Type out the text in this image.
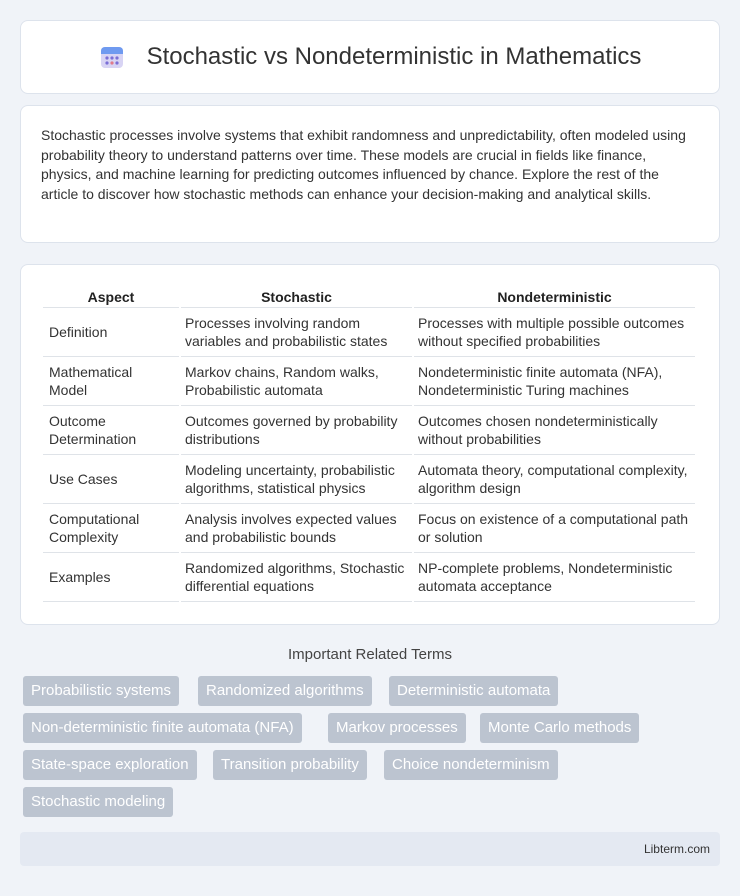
Stochastic vs Nondeterministic in Mathematics

Stochastic processes involve systems that exhibit randomness and unpredictability, often modeled using probability theory to understand patterns over time. These models are crucial in fields like finance, physics, and machine learning for predicting outcomes influenced by chance. Explore the rest of the article to discover how stochastic methods can enhance your decision-making and analytical skills.

Aspect	Stochastic	Nondeterministic
Definition	Processes involving random variables and probabilistic states	Processes with multiple possible outcomes without specified probabilities
Mathematical Model	Markov chains, Random walks, Probabilistic automata	Nondeterministic finite automata (NFA), Nondeterministic Turing machines
Outcome Determination	Outcomes governed by probability distributions	Outcomes chosen nondeterministically without probabilities
Use Cases	Modeling uncertainty, probabilistic algorithms, statistical physics	Automata theory, computational complexity, algorithm design
Computational Complexity	Analysis involves expected values and probabilistic bounds	Focus on existence of a computational path or solution
Examples	Randomized algorithms, Stochastic differential equations	NP-complete problems, Nondeterministic automata acceptance
Important Related Terms
Probabilistic systems	Randomized algorithms	Deterministic automata
Non-deterministic finite automata (NFA)	Markov processes	Monte Carlo methods
State-space exploration	Transition probability	Choice nondeterminism
Stochastic modeling
Libterm.com
